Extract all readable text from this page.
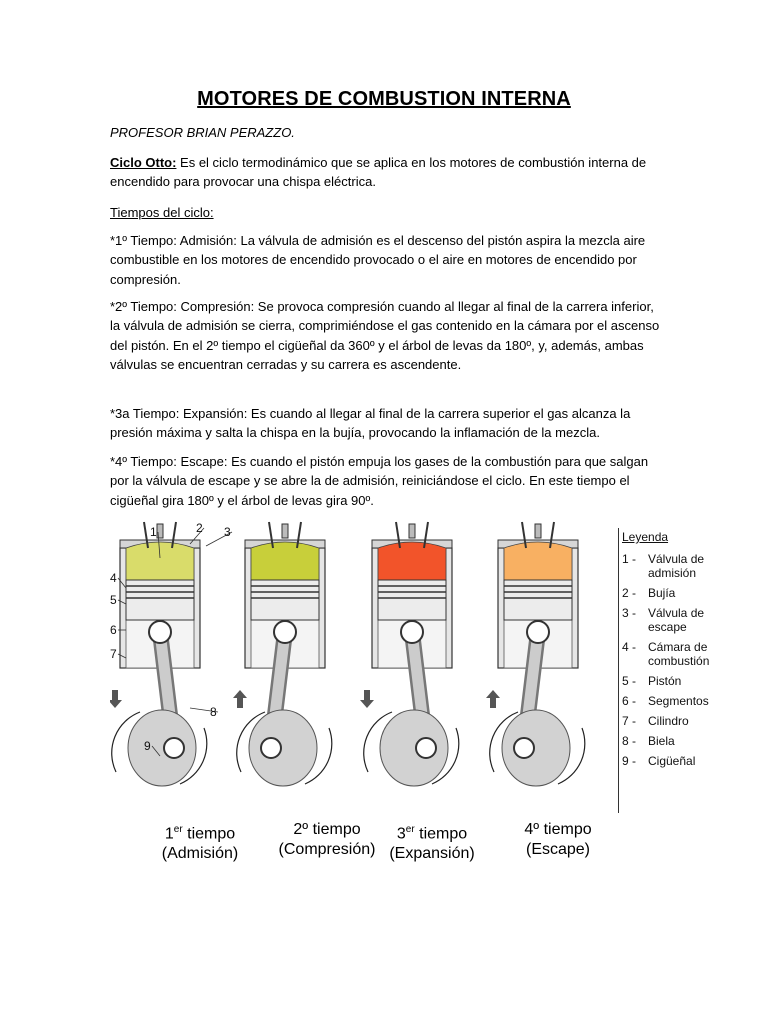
MOTORES DE COMBUSTION INTERNA
PROFESOR BRIAN PERAZZO.
Ciclo Otto: Es el ciclo termodinámico que se aplica en los motores de combustión interna de encendido para provocar una chispa eléctrica.
Tiempos del ciclo:
*1º Tiempo: Admisión: La válvula de admisión es el descenso del pistón aspira la mezcla aire combustible en los motores de encendido provocado o el aire en motores de encendido por compresión.
*2º Tiempo: Compresión: Se provoca compresión cuando al llegar al final de la carrera inferior, la válvula de admisión se cierra, comprimiéndose el gas contenido en la cámara por el ascenso del pistón. En el 2º tiempo el cigüeñal da 360º y el árbol de levas da 180º, y, además, ambas válvulas se encuentran cerradas y su carrera es ascendente.
*3a Tiempo: Expansión: Es cuando al llegar al final de la carrera superior el gas alcanza la presión máxima y salta la chispa en la bujía, provocando la inflamación de la mezcla.
*4º Tiempo: Escape: Es cuando el pistón empuja los gases de la combustión para que salgan por la válvula de escape y se abre la de admisión, reiniciándose el ciclo. En este tiempo el cigüeñal gira 180º y el árbol de levas gira 90º.
1	2 3
4
5
6
7
8
9
Leyenda
1 - Válvula de admisión
2 - Bujía
3 - Válvula de escape
4 - Cámara de combustión
5 - Pistón
6 - Segmentos
7 - Cilindro
8 - Biela
9 - Cigüeñal
1er tiempo
(Admisión)
2º tiempo
(Compresión)
3er tiempo
(Expansión)
4º tiempo
(Escape)
